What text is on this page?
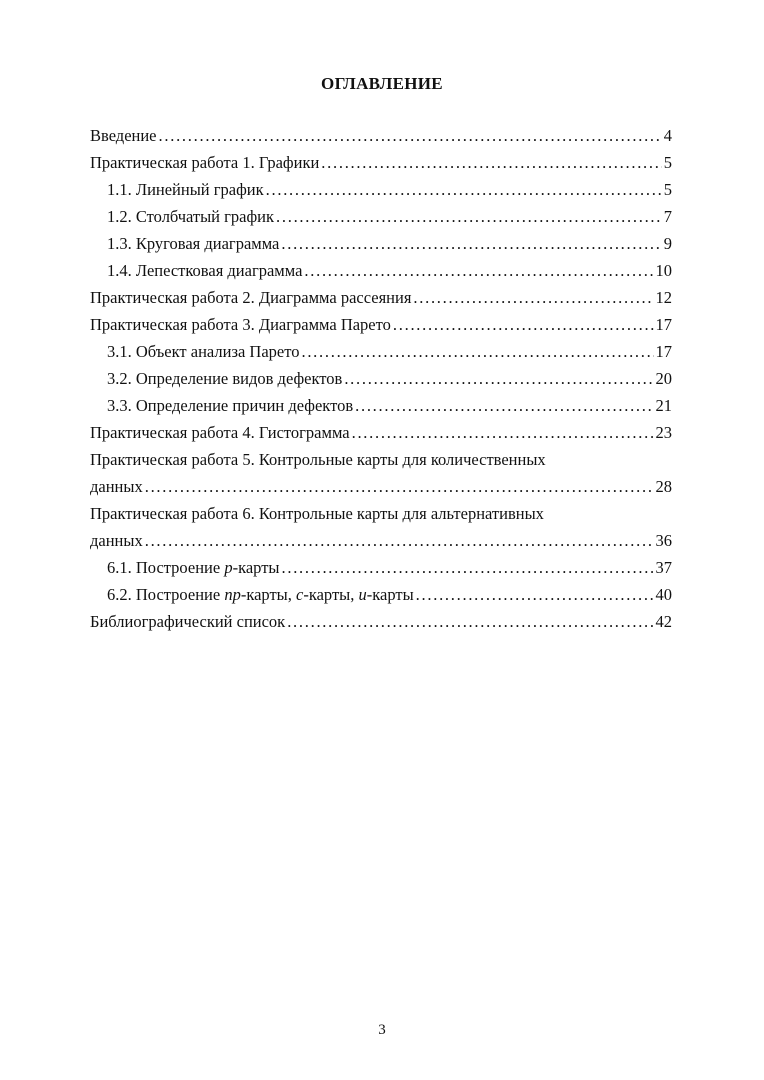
ОГЛАВЛЕНИЕ
Введение . . .	4
Практическая работа 1. Графики . . .	5
1.1. Линейный график . . .	5
1.2. Столбчатый график . . .	7
1.3. Круговая диаграмма . . .	9
1.4. Лепестковая диаграмма . . .	10
Практическая работа 2. Диаграмма рассеяния . . .	12
Практическая работа 3. Диаграмма Парето . . .	17
3.1. Объект анализа Парето . . .	17
3.2. Определение видов дефектов . . .	20
3.3. Определение причин дефектов . . .	21
Практическая работа 4. Гистограмма . . .	23
Практическая работа 5. Контрольные карты для количественных
данных . . .	28
Практическая работа 6. Контрольные карты для альтернативных
данных . . .	36
6.1. Построение p-карты . . .	37
6.2. Построение np-карты, c-карты, u-карты . . .	40
Библиографический список . . .	42
3
